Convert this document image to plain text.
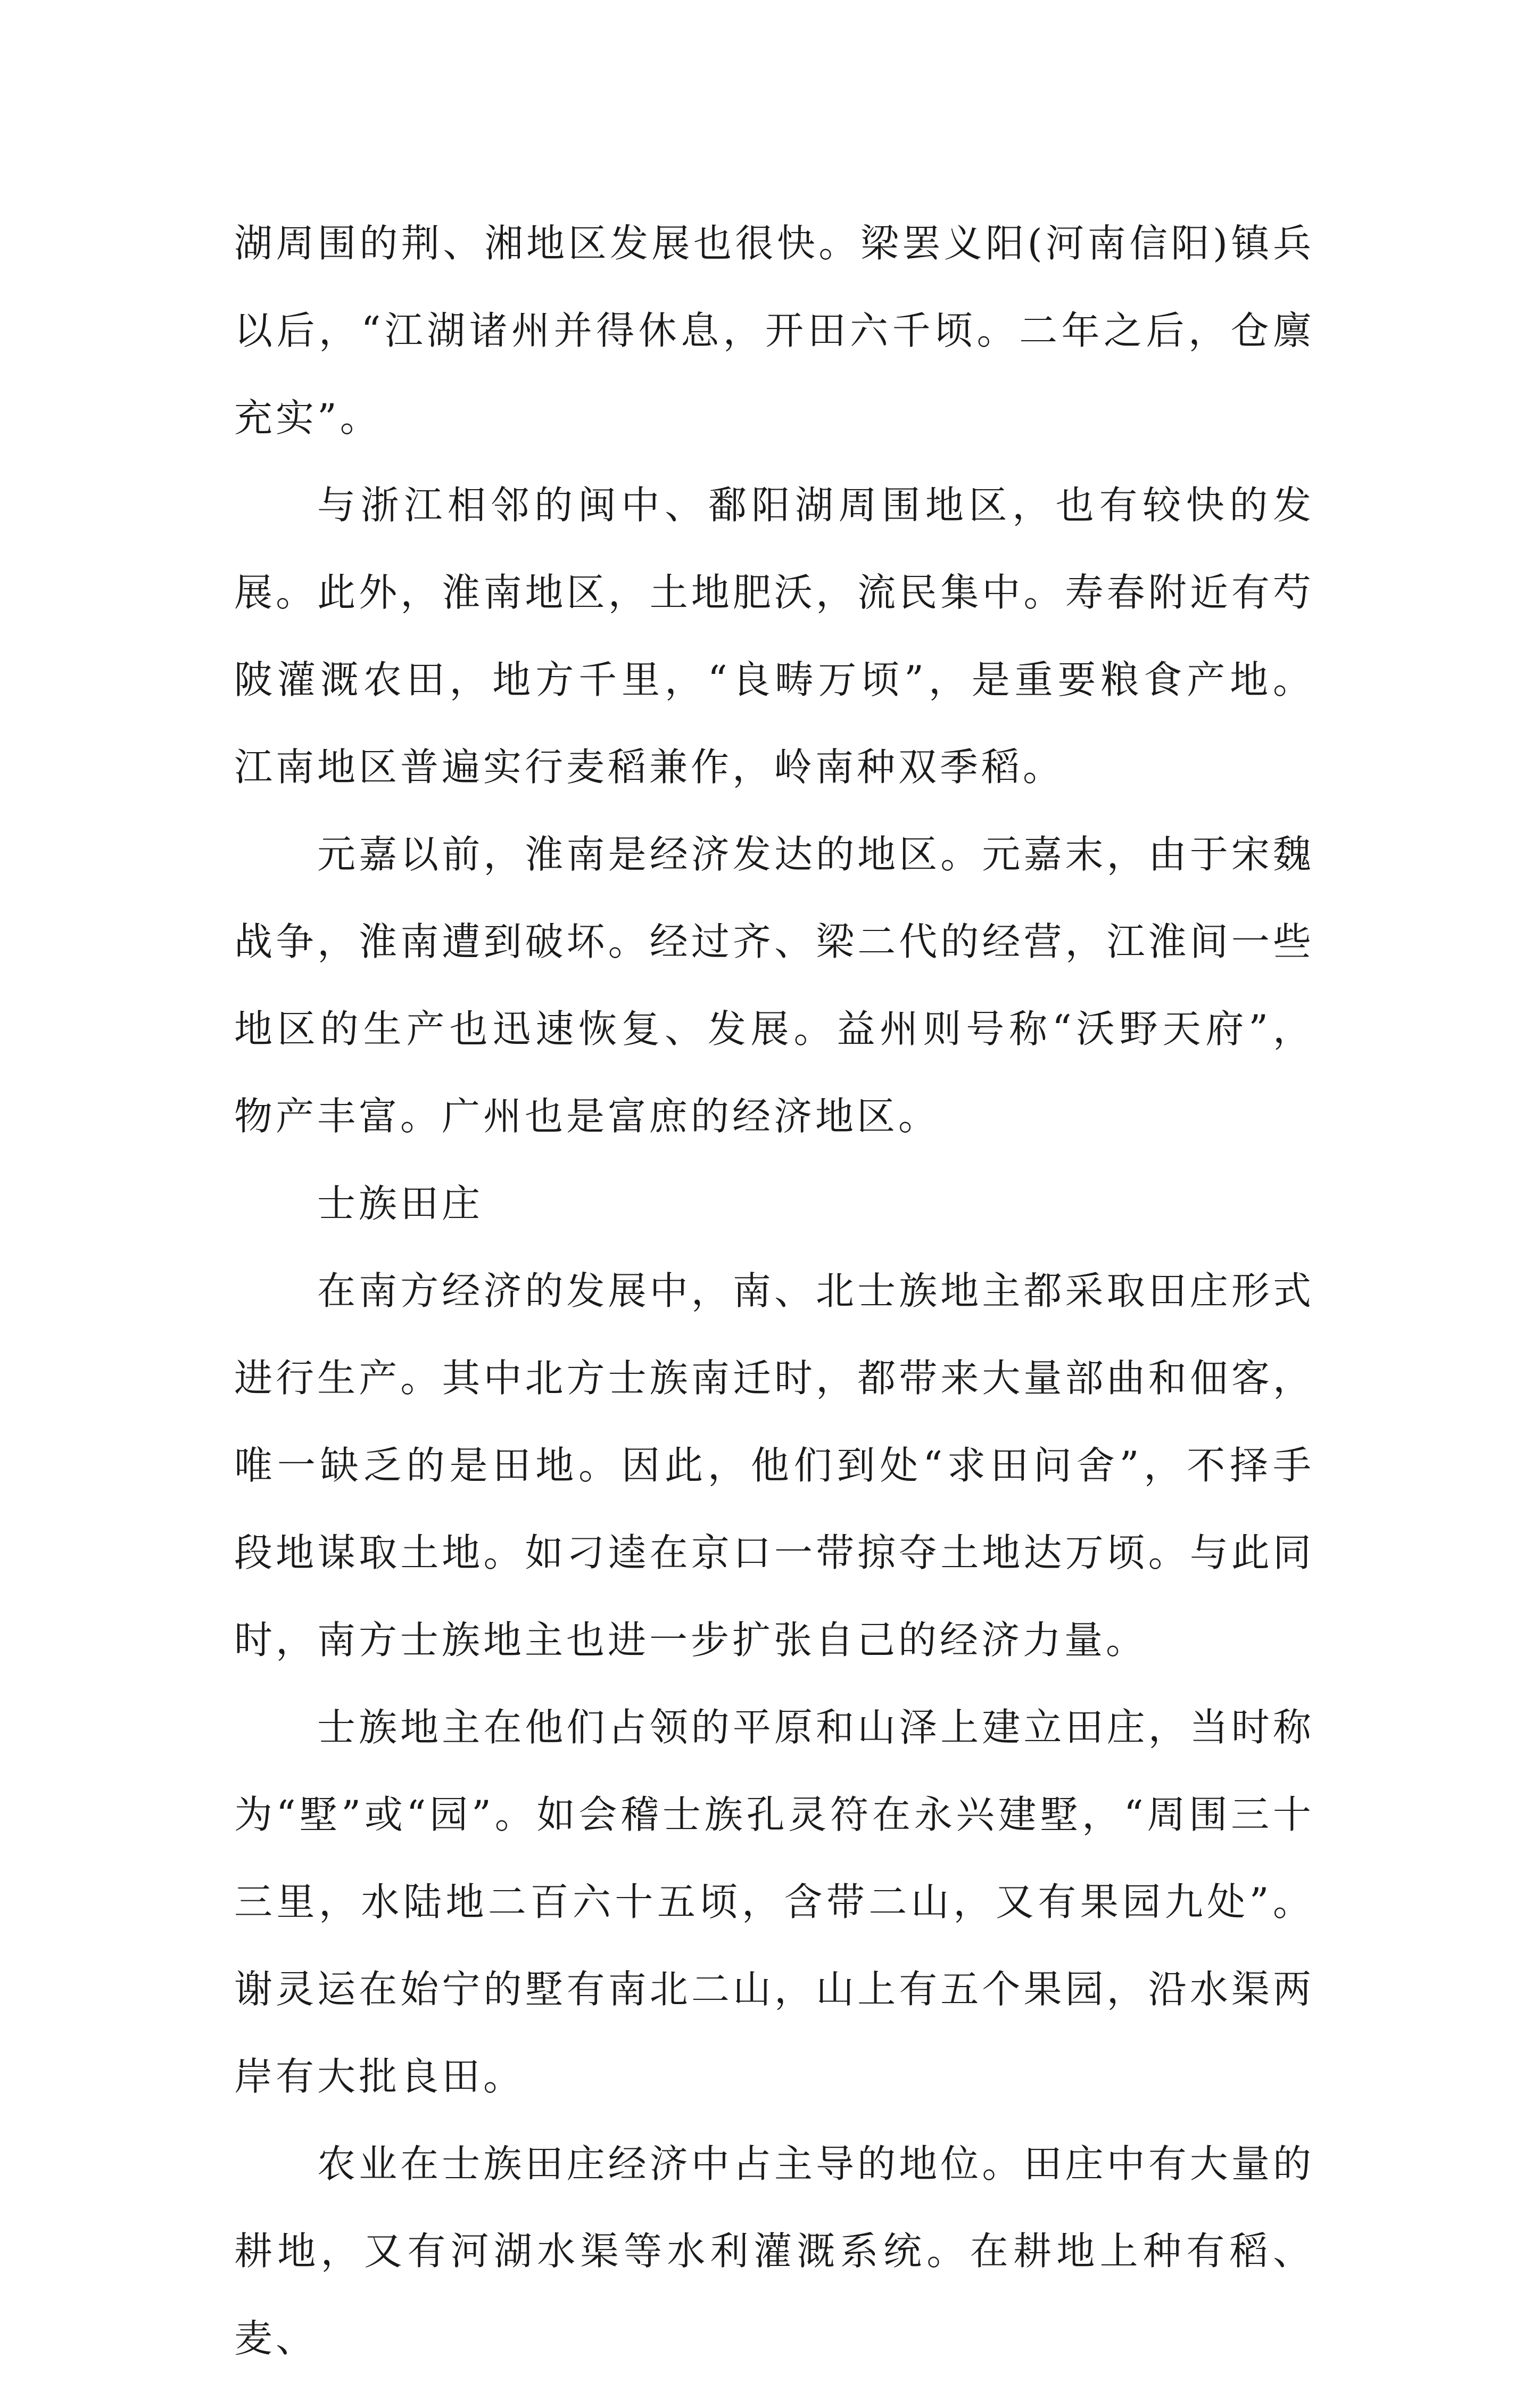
湖周围的荆、湘地区发展也很快。梁罢义阳(河南信阳)镇兵以后，“江湖诸州并得休息，开田六千顷。二年之后，仓廪充实”。

与浙江相邻的闽中、鄱阳湖周围地区，也有较快的发展。此外，淮南地区，土地肥沃，流民集中。寿春附近有芍陂灌溉农田，地方千里，“良畴万顷”，是重要粮食产地。江南地区普遍实行麦稻兼作，岭南种双季稻。

元嘉以前，淮南是经济发达的地区。元嘉末，由于宋魏战争，淮南遭到破坏。经过齐、梁二代的经营，江淮间一些地区的生产也迅速恢复、发展。益州则号称“沃野天府”，物产丰富。广州也是富庶的经济地区。

士族田庄

在南方经济的发展中，南、北士族地主都采取田庄形式进行生产。其中北方士族南迁时，都带来大量部曲和佃客，唯一缺乏的是田地。因此，他们到处“求田问舍”，不择手段地谋取土地。如刁逵在京口一带掠夺土地达万顷。与此同时，南方士族地主也进一步扩张自己的经济力量。

士族地主在他们占领的平原和山泽上建立田庄，当时称为“墅”或“园”。如会稽士族孔灵符在永兴建墅，“周围三十三里，水陆地二百六十五顷，含带二山，又有果园九处”。谢灵运在始宁的墅有南北二山，山上有五个果园，沿水渠两岸有大批良田。

农业在士族田庄经济中占主导的地位。田庄中有大量的耕地，又有河湖水渠等水利灌溉系统。在耕地上种有稻、麦、
